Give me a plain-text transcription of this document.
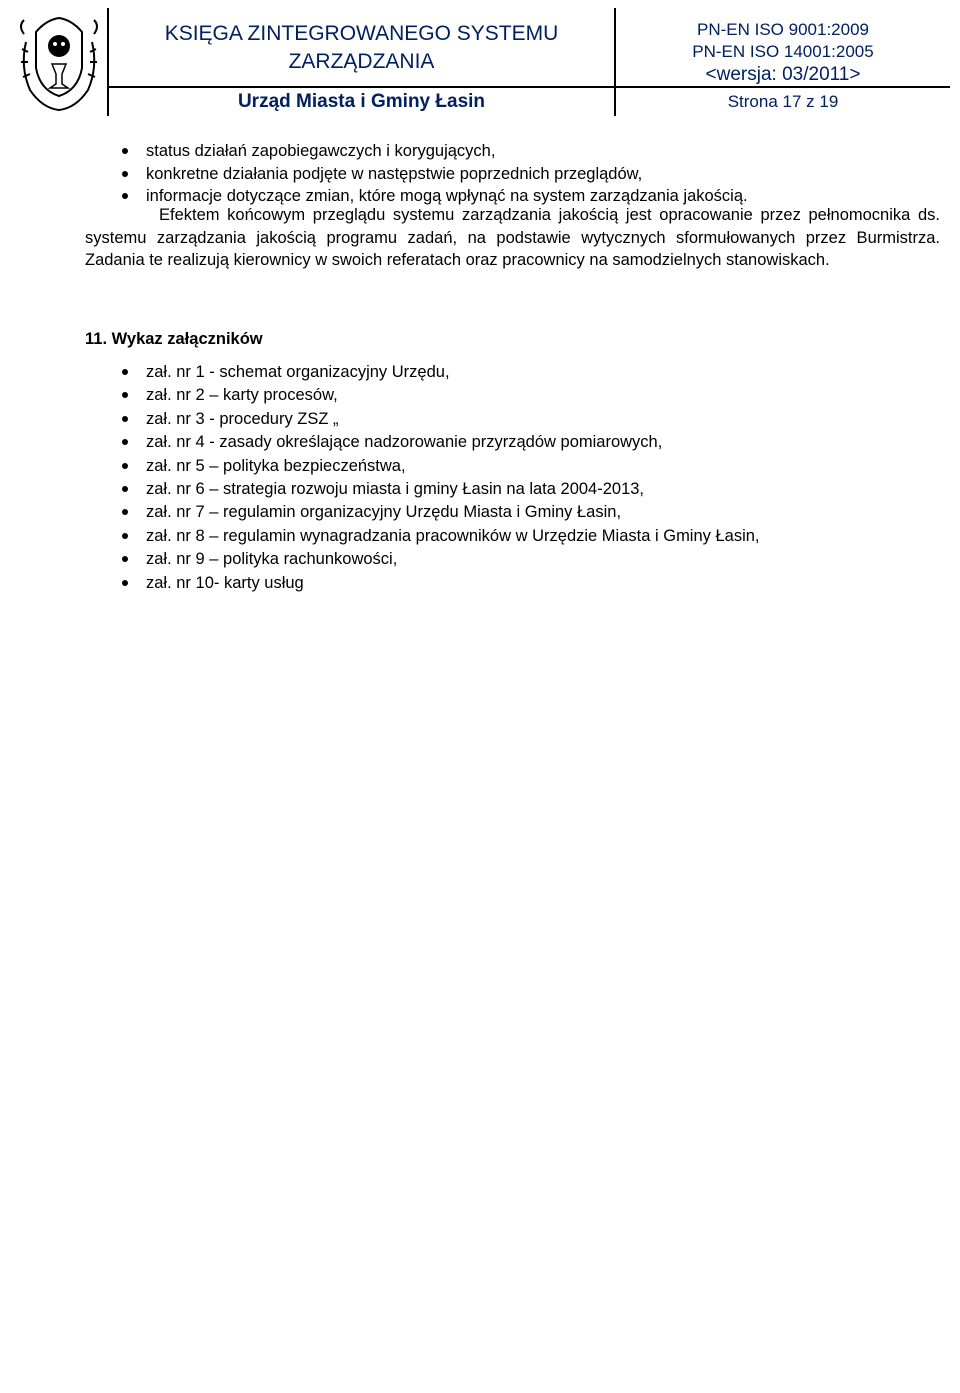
KSIĘGA ZINTEGROWANEGO SYSTEMU
ZARZĄDZANIA
PN-EN ISO 9001:2009
PN-EN ISO 14001:2005
<wersja: 03/2011>
Urząd Miasta i Gminy Łasin	Strona 17 z 19
status działań zapobiegawczych i korygujących,
konkretne działania podjęte w następstwie poprzednich przeglądów,
informacje dotyczące zmian, które mogą wpłynąć na system zarządzania jakością.
Efektem końcowym przeglądu systemu zarządzania jakością jest opracowanie przez pełnomocnika ds. systemu zarządzania jakością programu zadań, na podstawie wytycznych sformułowanych przez Burmistrza. Zadania te realizują kierownicy w swoich referatach oraz pracownicy na samodzielnych stanowiskach.
11. Wykaz załączników
zał. nr 1 - schemat organizacyjny Urzędu,
zał. nr 2 – karty procesów,
zał. nr 3 - procedury ZSZ „
zał. nr 4 - zasady określające nadzorowanie przyrządów pomiarowych,
zał. nr 5 – polityka bezpieczeństwa,
zał. nr 6 – strategia rozwoju miasta i gminy Łasin na lata 2004-2013,
zał. nr 7 – regulamin organizacyjny Urzędu Miasta i Gminy Łasin,
zał. nr 8 – regulamin wynagradzania pracowników w Urzędzie Miasta i Gminy Łasin,
zał. nr 9 – polityka rachunkowości,
zał. nr 10- karty usług
